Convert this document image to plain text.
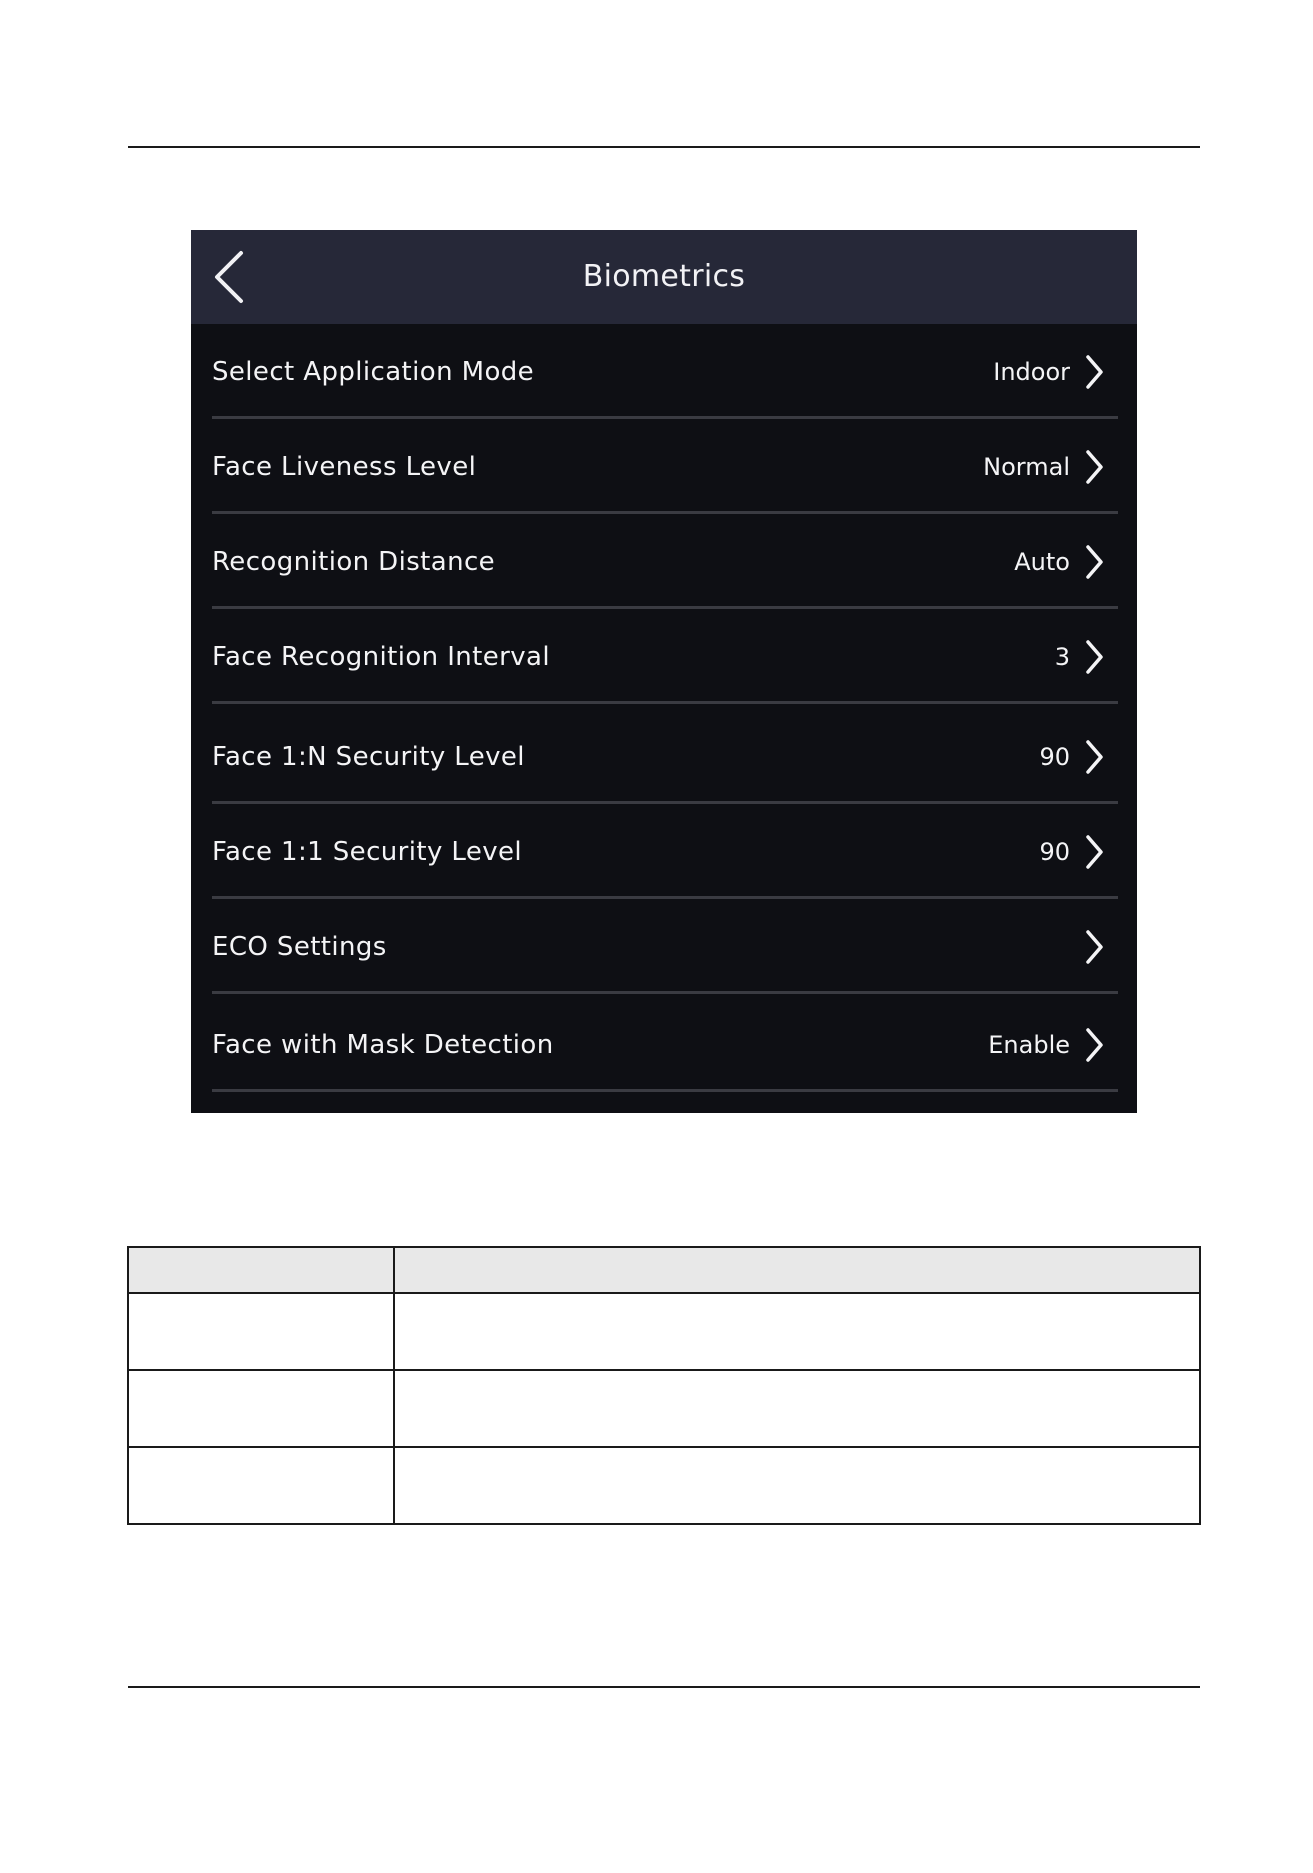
Biometrics
Select Application Mode	Indoor
Face Liveness Level	Normal
Recognition Distance	Auto
Face Recognition Interval	3
Face 1:N Security Level	90
Face 1:1 Security Level	90
ECO Settings
Face with Mask Detection	Enable
